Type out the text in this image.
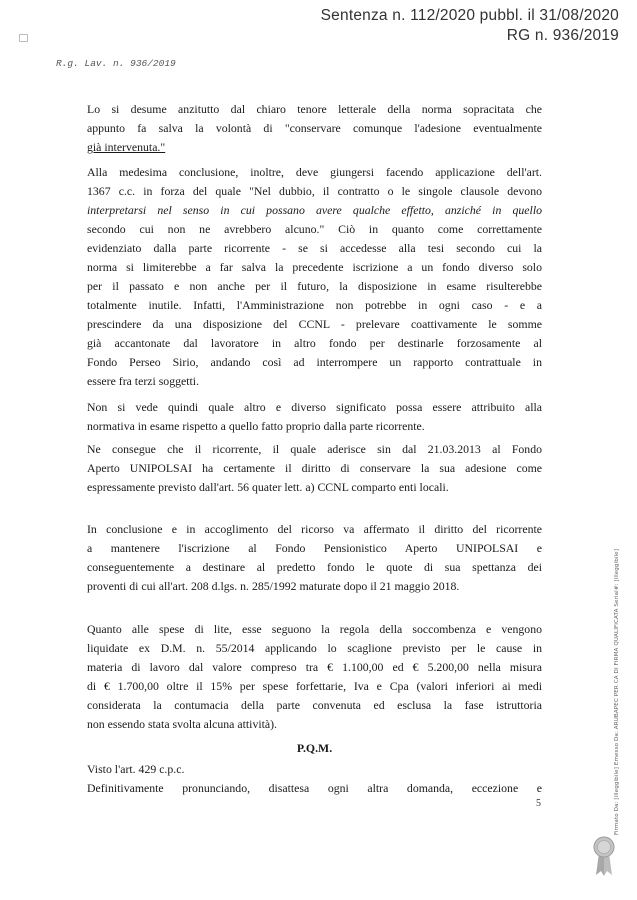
Sentenza n. 112/2020 pubbl. il 31/08/2020
RG n. 936/2019
R.g. Lav. n. 936/2019
Lo si desume anzitutto dal chiaro tenore letterale della norma sopracitata che
appunto fa salva la volontà di "conservare comunque l'adesione eventualmente
già intervenuta."
Alla medesima conclusione, inoltre, deve giungersi facendo applicazione dell'art.
1367 c.c. in forza del quale "Nel dubbio, il contratto o le singole clausole devono
interpretarsi nel senso in cui possano avere qualche effetto, anziché in quello
secondo cui non ne avrebbero alcuno." Ciò in quanto come correttamente
evidenziato dalla parte ricorrente - se si accedesse alla tesi secondo cui la
norma si limiterebbe a far salva la precedente iscrizione a un fondo diverso solo
per il passato e non anche per il futuro, la disposizione in esame risulterebbe
totalmente inutile. Infatti, l'Amministrazione non potrebbe in ogni caso - e a
prescindere da una disposizione del CCNL - prelevare coattivamente le somme
già accantonate dal lavoratore in altro fondo per destinarle forzosamente al
Fondo Perseo Sirio, andando così ad interrompere un rapporto contrattuale in
essere fra terzi soggetti.
Non si vede quindi quale altro e diverso significato possa essere attribuito alla
normativa in esame rispetto a quello fatto proprio dalla parte ricorrente.
Ne consegue che il ricorrente, il quale aderisce sin dal 21.03.2013 al Fondo
Aperto UNIPOLSAI ha certamente il diritto di conservare la sua adesione come
espressamente previsto dall'art. 56 quater lett. a) CCNL comparto enti locali.
In conclusione e in accoglimento del ricorso va affermato il diritto del ricorrente
a mantenere l'iscrizione al Fondo Pensionistico Aperto UNIPOLSAI e
conseguentemente a destinare al predetto fondo le quote di sua spettanza dei
proventi di cui all'art. 208 d.lgs. n. 285/1992 maturate dopo il 21 maggio 2018.
Quanto alle spese di lite, esse seguono la regola della soccombenza e vengono
liquidate ex D.M. n. 55/2014 applicando lo scaglione previsto per le cause in
materia di lavoro dal valore compreso tra € 1.100,00 ed € 5.200,00 nella misura
di € 1.700,00 oltre il 15% per spese forfettarie, Iva e Cpa (valori inferiori ai medi
considerata la contumacia della parte convenuta ed esclusa la fase istruttoria
non essendo stata svolta alcuna attività).
P.Q.M.
Visto l'art. 429 c.p.c.
Definitivamente pronunciando, disattesa ogni altra domanda, eccezione e
5	Firmato Da: [illeggibile] Emesso Da: ARUBAPEC PER CA DI FIRMA QUALIFICATA Serial#: [illeggibile]
